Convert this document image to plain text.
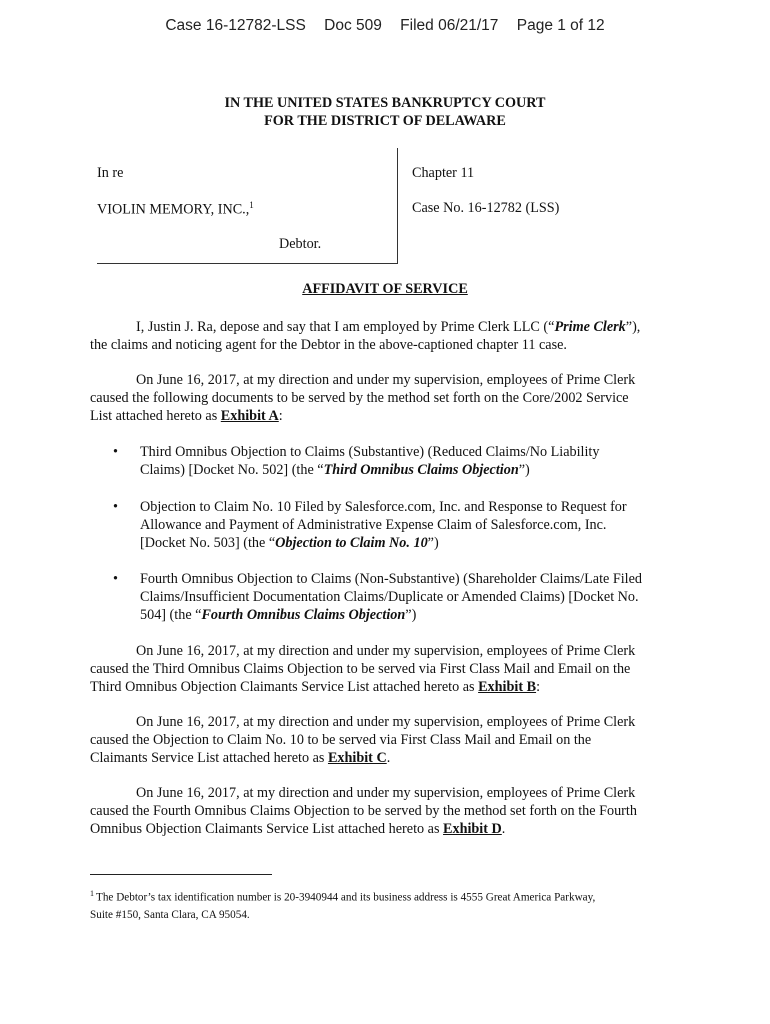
Case 16-12782-LSS Doc 509 Filed 06/21/17 Page 1 of 12
IN THE UNITED STATES BANKRUPTCY COURT
FOR THE DISTRICT OF DELAWARE
In re
VIOLIN MEMORY, INC.,$^1$
Debtor.
Chapter 11
Case No. 16-12782 (LSS)
AFFIDAVIT OF SERVICE
I, Justin J. Ra, depose and say that I am employed by Prime Clerk LLC (“Prime Clerk”),
the claims and noticing agent for the Debtor in the above-captioned chapter 11 case.
On June 16, 2017, at my direction and under my supervision, employees of Prime Clerk
caused the following documents to be served by the method set forth on the Core/2002 Service
List attached hereto as Exhibit A:
• Third Omnibus Objection to Claims (Substantive) (Reduced Claims/No Liability
Claims) [Docket No. 502] (the “Third Omnibus Claims Objection”)
• Objection to Claim No. 10 Filed by Salesforce.com, Inc. and Response to Request for
Allowance and Payment of Administrative Expense Claim of Salesforce.com, Inc.
[Docket No. 503] (the “Objection to Claim No. 10”)
• Fourth Omnibus Objection to Claims (Non-Substantive) (Shareholder Claims/Late Filed
Claims/Insufficient Documentation Claims/Duplicate or Amended Claims) [Docket No.
504] (the “Fourth Omnibus Claims Objection”)
On June 16, 2017, at my direction and under my supervision, employees of Prime Clerk
caused the Third Omnibus Claims Objection to be served via First Class Mail and Email on the
Third Omnibus Objection Claimants Service List attached hereto as Exhibit B:
On June 16, 2017, at my direction and under my supervision, employees of Prime Clerk
caused the Objection to Claim No. 10 to be served via First Class Mail and Email on the
Claimants Service List attached hereto as Exhibit C.
On June 16, 2017, at my direction and under my supervision, employees of Prime Clerk
caused the Fourth Omnibus Claims Objection to be served by the method set forth on the Fourth
Omnibus Objection Claimants Service List attached hereto as Exhibit D.
$^1$ The Debtor’s tax identification number is 20-3940944 and its business address is 4555 Great America Parkway,
Suite #150, Santa Clara, CA 95054.
